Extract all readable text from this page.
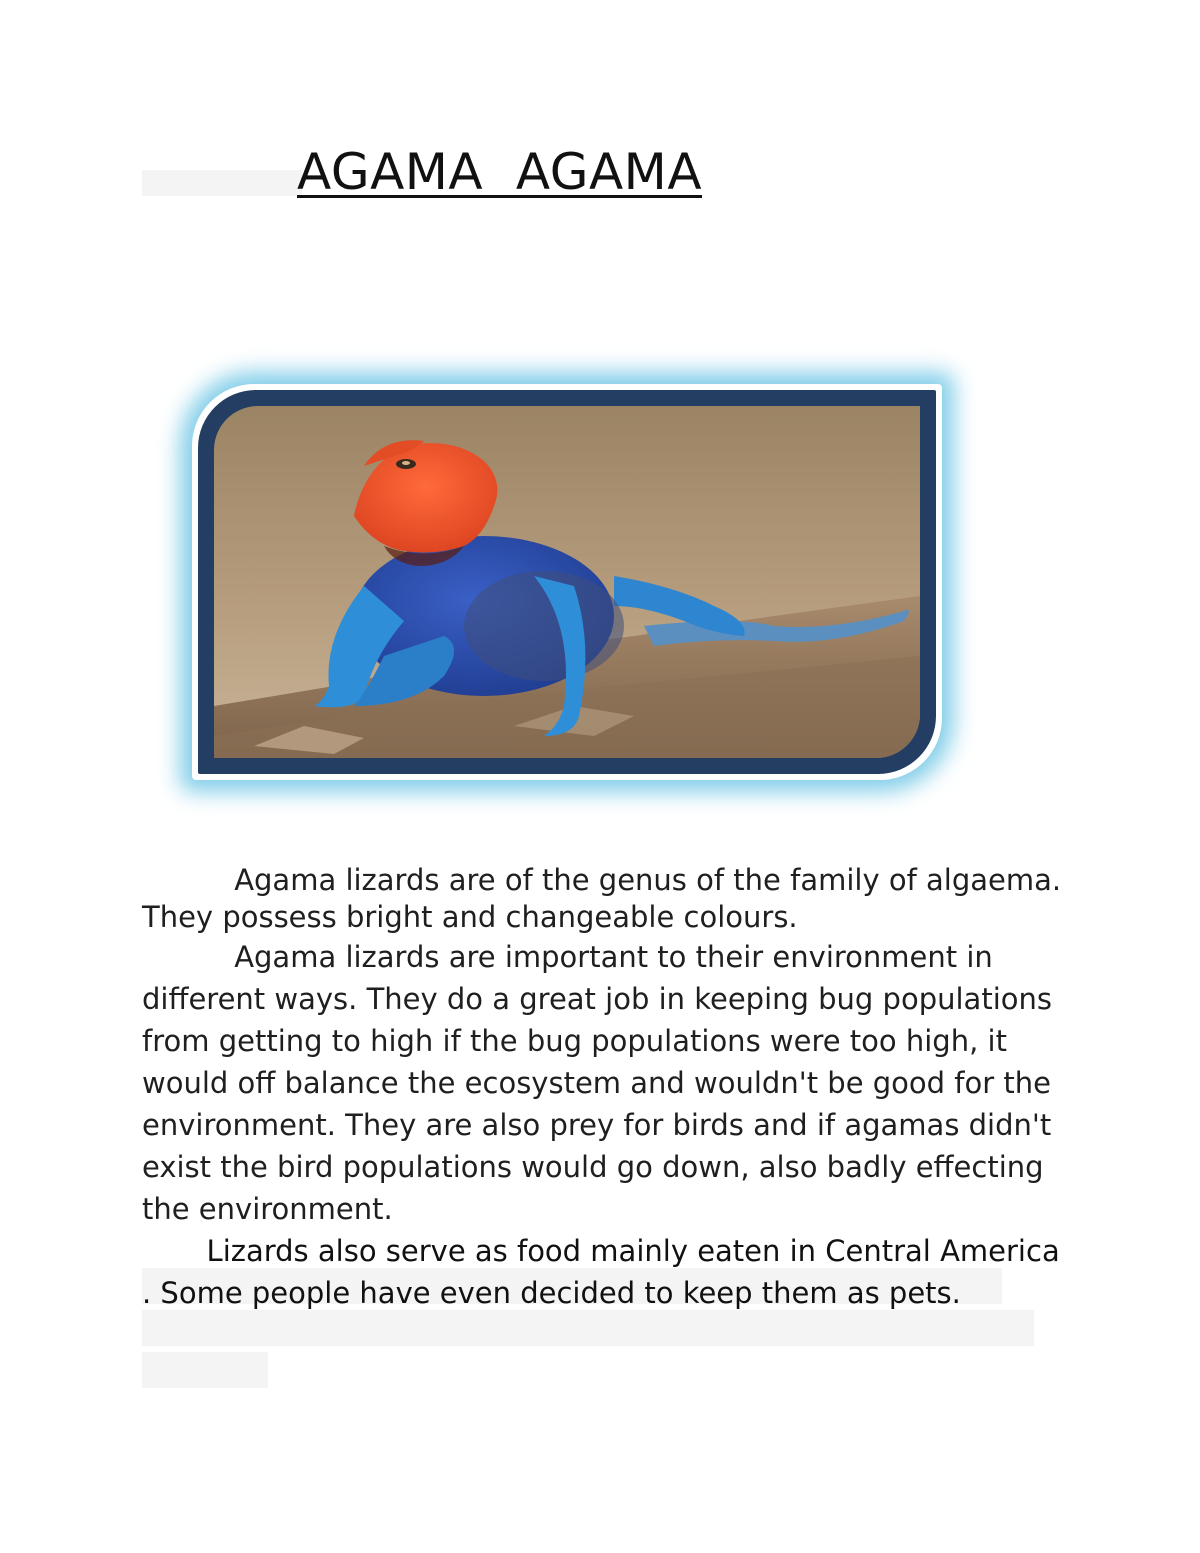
AGAMA  AGAMA

Agama lizards are of the genus of the family of algaema.

They possess bright and changeable colours.

Agama lizards are important to their environment in different ways. They do a great job in keeping bug populations from getting to high if the bug populations were too high, it would off balance the ecosystem and wouldn't be good for the environment. They are also prey for birds and if agamas didn't exist the bird populations would go down, also badly effecting the environment.

Lizards also serve as food mainly eaten in Central America . Some people have even decided to keep them as pets.
